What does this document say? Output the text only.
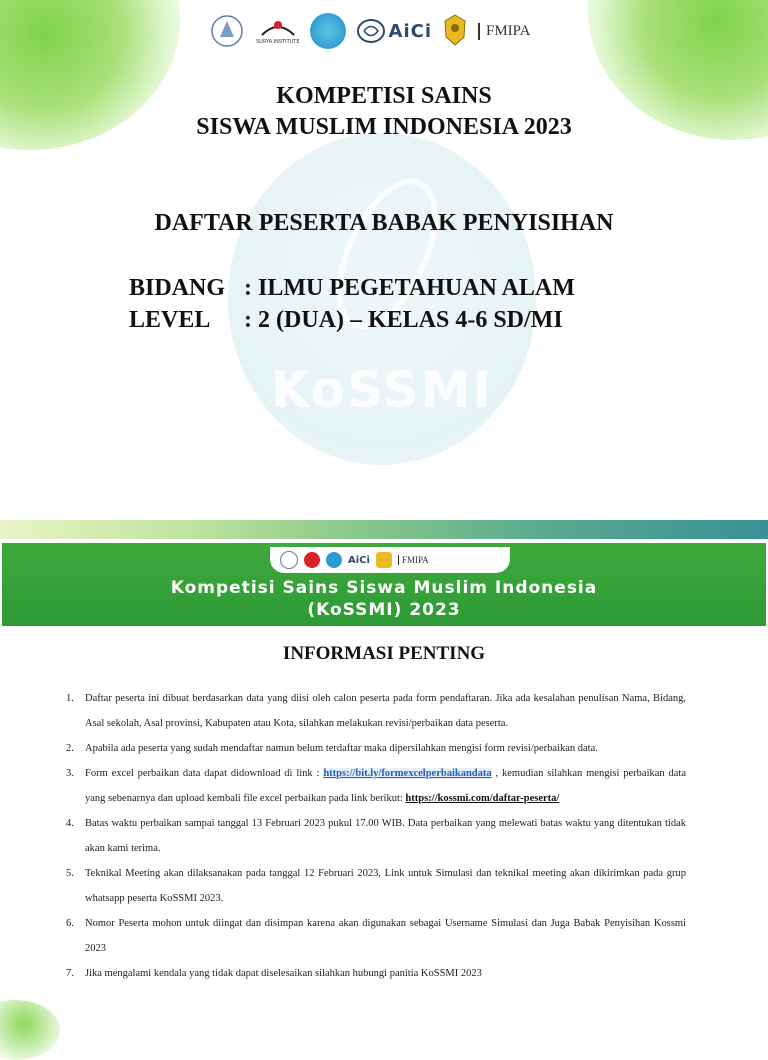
KoSSMI
SURYA INSTITUTE
AiCi	FMIPA
KOMPETISI SAINS
SISWA MUSLIM INDONESIA 2023
DAFTAR PESERTA BABAK PENYISIHAN
BIDANG : ILMU PEGETAHUAN ALAM
LEVEL : 2 (DUA) – KELAS 4-6 SD/MI
AiCi	FMIPA
Kompetisi Sains Siswa Muslim Indonesia
(KoSSMI) 2023
INFORMASI PENTING
1. Daftar peserta ini dibuat berdasarkan data yang diisi oleh calon peserta pada form pendaftaran. Jika ada kesalahan penulisan Nama, Bidang, Asal sekolah, Asal provinsi, Kabupaten atau Kota, silahkan melakukan revisi/perbaikan data peserta.
2. Apabila ada peserta yang sudah mendaftar namun belum terdaftar maka dipersilahkan mengisi form revisi/perbaikan data.
3. Form excel perbaikan data dapat didownload di link : https://bit.ly/formexcelperbaikandata , kemudian silahkan mengisi perbaikan data yang sebenarnya dan upload kembali file excel perbaikan pada link berikut: https://kossmi.com/daftar-peserta/
4. Batas waktu perbaikan sampai tanggal 13 Februari 2023 pukul 17.00 WIB. Data perbaikan yang melewati batas waktu yang ditentukan tidak akan kami terima.
5. Teknikal Meeting akan dilaksanakan pada tanggal 12 Februari 2023, Link untuk Simulasi dan teknikal meeting akan dikirimkan pada grup whatsapp peserta KoSSMI 2023.
6. Nomor Peserta mohon untuk diingat dan disimpan karena akan digunakan sebagai Username Simulasi dan Juga Babak Penyisihan Kossmi 2023
7. Jika mengalami kendala yang tidak dapat diselesaikan silahkan hubungi panitia KoSSMI 2023
